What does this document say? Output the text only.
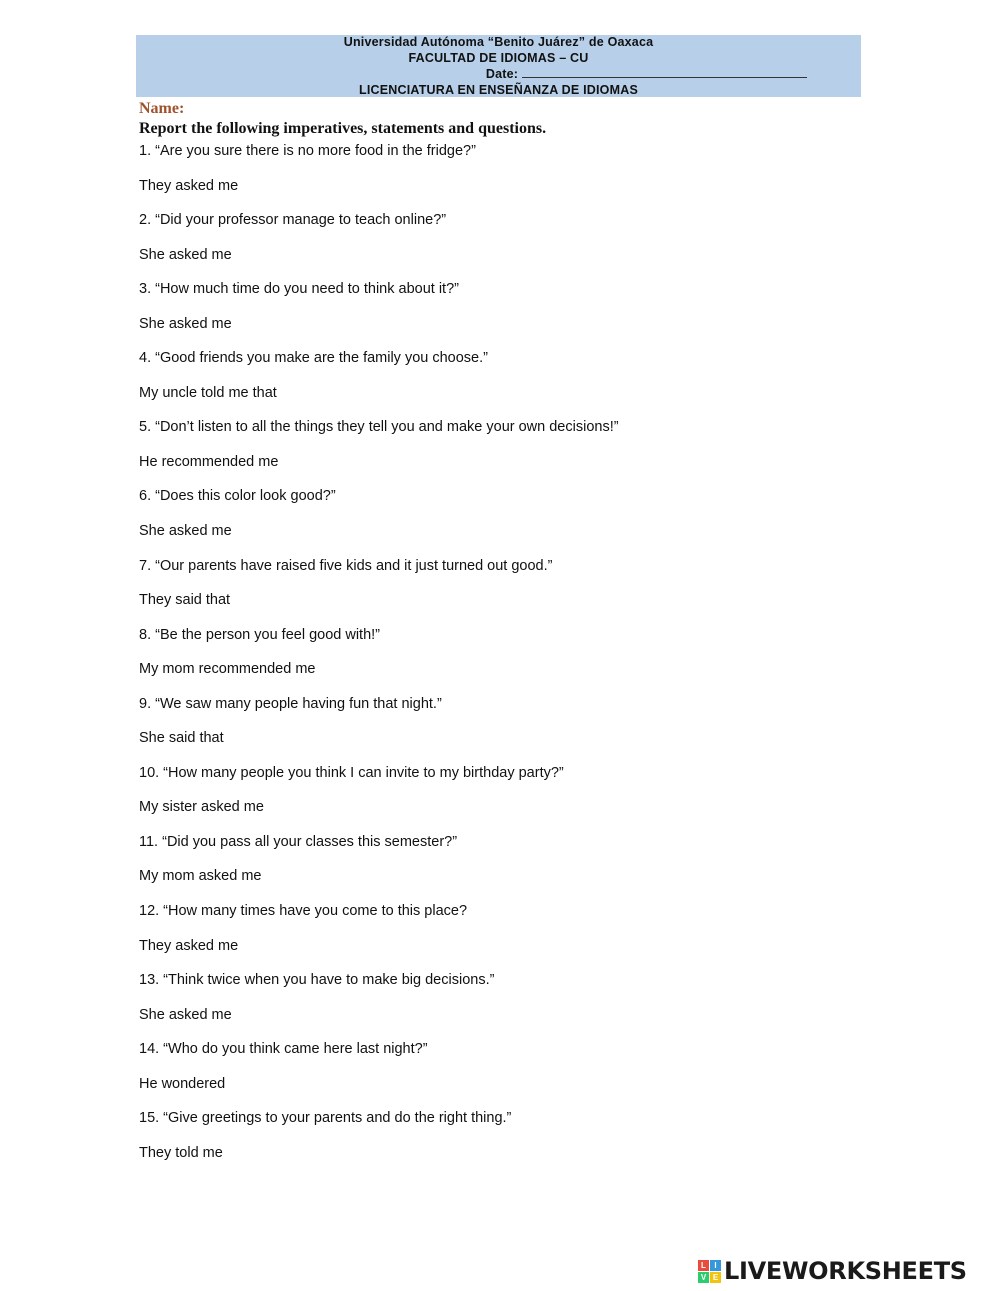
Universidad Autónoma “Benito Juárez” de Oaxaca
FACULTAD DE IDIOMAS – CU
Date:
LICENCIATURA EN ENSEÑANZA DE IDIOMAS
Name:
Report the following imperatives, statements and questions.
1. “Are you sure there is no more food in the fridge?”
They asked me
2. “Did your professor manage to teach online?”
She asked me
3. “How much time do you need to think about it?”
She asked me
4. “Good friends you make are the family you choose.”
My uncle told me that
5. “Don’t listen to all the things they tell you and make your own decisions!”
He recommended me
6. “Does this color look good?”
She asked me
7. “Our parents have raised five kids and it just turned out good.”
They said that
8. “Be the person you feel good with!”
My mom recommended me
9. “We saw many people having fun that night.”
She said that
10. “How many people you think I can invite to my birthday party?”
My sister asked me
11. “Did you pass all your classes this semester?”
My mom asked me
12. “How many times have you come to this place?
They asked me
13. “Think twice when you have to make big decisions.”
She asked me
14. “Who do you think came here last night?”
He wondered
15. “Give greetings to your parents and do the right thing.”
They told me
L	I
V E LIVEWORKSHEETS
